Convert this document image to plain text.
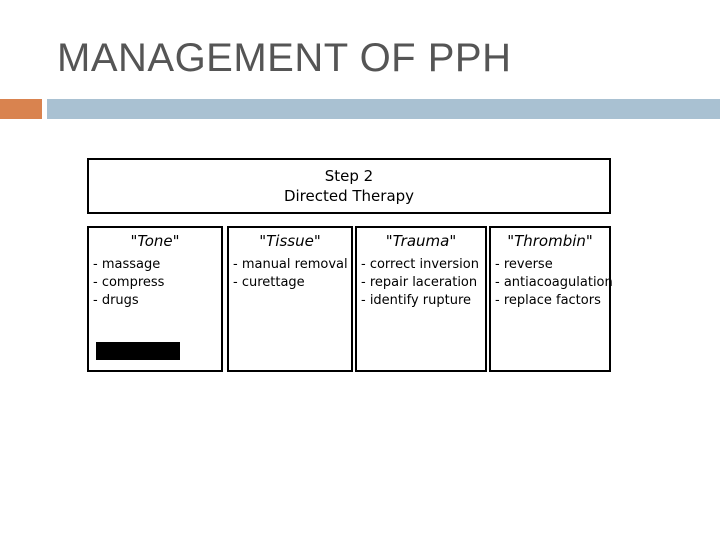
MANAGEMENT OF PPH
Step 2
Directed Therapy
"Tone"
- massage
- compress
- drugs
"Tissue"
- manual removal
- curettage
"Trauma"
- correct inversion
- repair laceration
- identify rupture
"Thrombin"
- reverse
- antiacoagulation
- replace factors
